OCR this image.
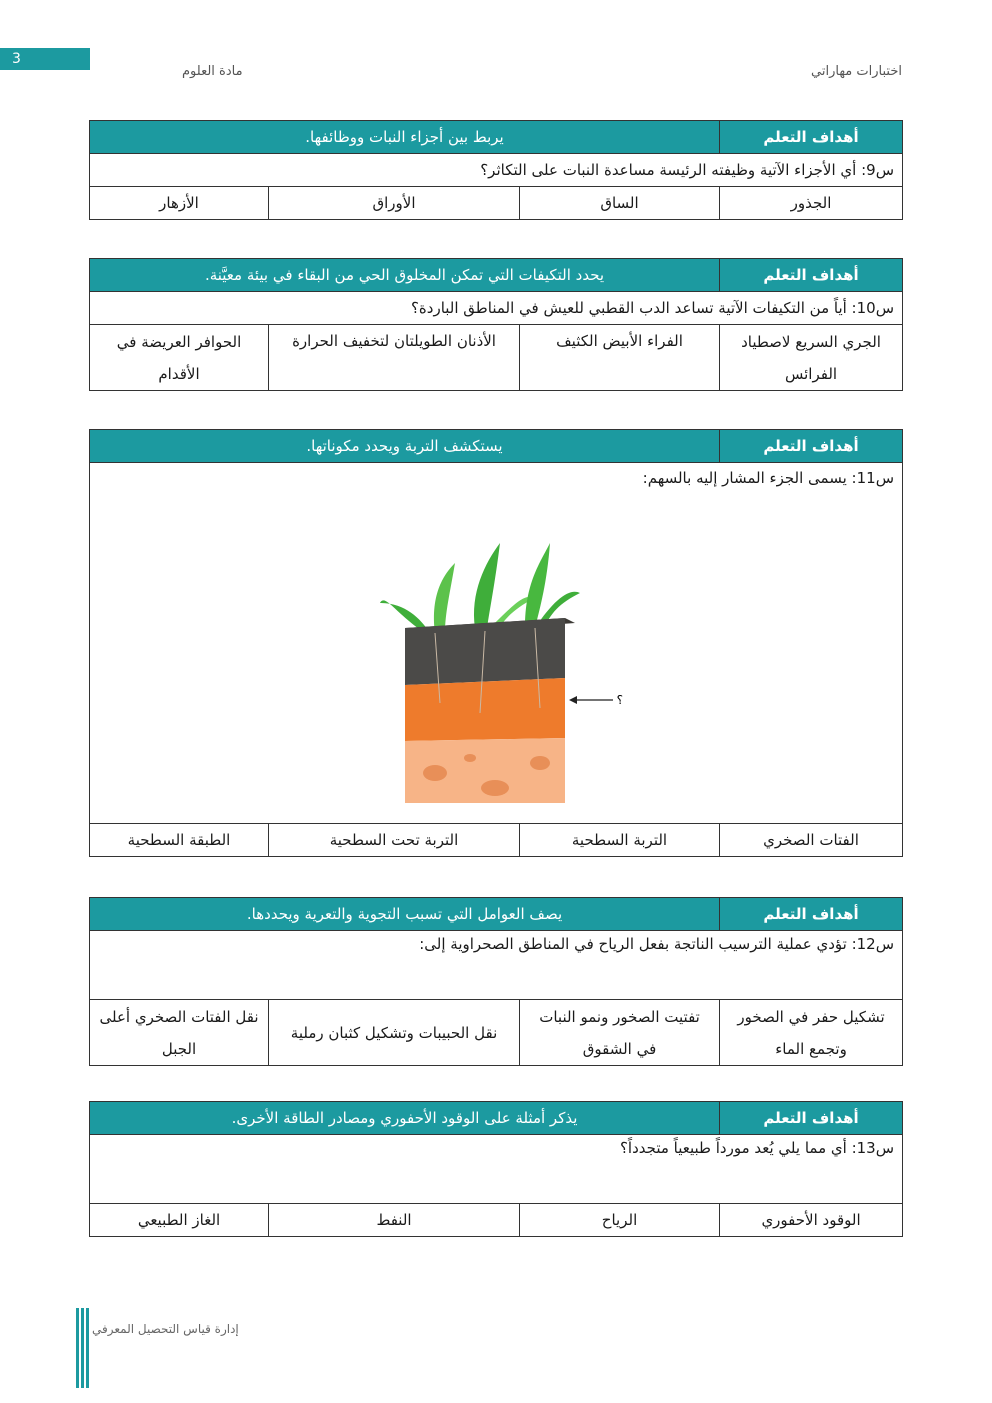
3
اختبارات مهاراتي
مادة العلوم
أهداف التعلم	يربط بين أجزاء النبات ووظائفها.		
س9: أي الأجزاء الآتية وظيفته الرئيسة مساعدة النبات على التكاثر؟			
الجذور	الساق	الأوراق	الأزهار
أهداف التعلم	يحدد التكيفات التي تمكن المخلوق الحي من البقاء في بيئة معيَّنة.		
س10: أياً من التكيفات الآتية تساعد الدب القطبي للعيش في المناطق الباردة؟			
الجري السريع لاصطياد الفرائس	الفراء الأبيض الكثيف	الأذنان الطويلتان لتخفيف الحرارة	الحوافر العريضة في الأقدام
أهداف التعلم	يستكشف التربة ويحدد مكوناتها.		

س11: يسمى الجزء المشار إليه بالسهم:
؟			

الفتات الصخري	التربة السطحية	التربة تحت السطحية	الطبقة السطحية
أهداف التعلم	يصف العوامل التي تسبب التجوية والتعرية ويحددها.		
س12: تؤدي عملية الترسيب الناتجة بفعل الرياح في المناطق الصحراوية إلى:			
تشكيل حفر في الصخور وتجمع الماء	تفتيت الصخور ونمو النبات في الشقوق	نقل الحبيبات وتشكيل كثبان رملية	نقل الفتات الصخري أعلى الجبل
أهداف التعلم	يذكر أمثلة على الوقود الأحفوري ومصادر الطاقة الأخرى.		
س13: أي مما يلي يُعد مورداً طبيعياً متجدداً؟			
الوقود الأحفوري	الرياح	النفط	الغاز الطبيعي
إدارة قياس التحصيل المعرفي
